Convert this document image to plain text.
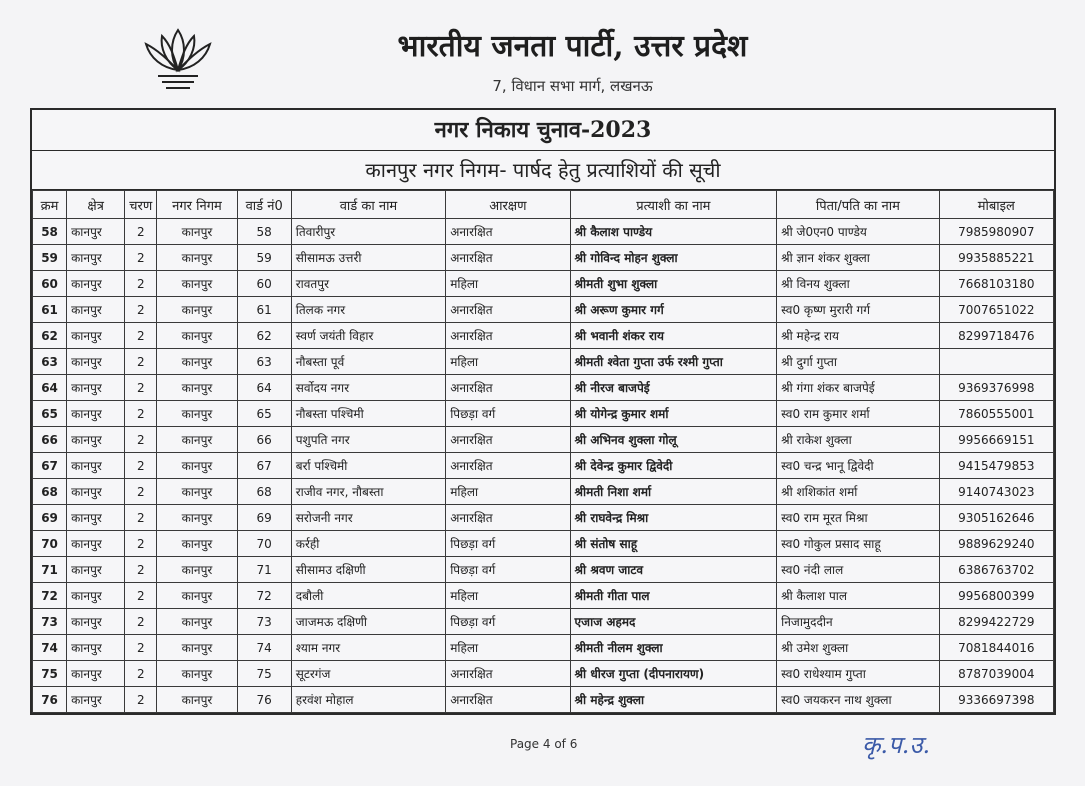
भारतीय जनता पार्टी, उत्तर प्रदेश
7, विधान सभा मार्ग, लखनऊ
नगर निकाय चुनाव-2023
कानपुर नगर निगम- पार्षद हेतु प्रत्याशियों की सूची
क्रम	क्षेत्र	चरण	नगर निगम	वार्ड नं0	वार्ड का नाम	आरक्षण	प्रत्याशी का नाम	पिता/पति का नाम	मोबाइल
58	कानपुर	2	कानपुर	58	तिवारीपुर	अनारक्षित	श्री कैलाश पाण्डेय	श्री जे0एन0 पाण्डेय	7985980907
59	कानपुर	2	कानपुर	59	सीसामऊ उत्तरी	अनारक्षित	श्री गोविन्द मोहन शुक्ला	श्री ज्ञान शंकर शुक्ला	9935885221
60	कानपुर	2	कानपुर	60	रावतपुर	महिला	श्रीमती शुभा शुक्ला	श्री विनय शुक्ला	7668103180
61	कानपुर	2	कानपुर	61	तिलक नगर	अनारक्षित	श्री अरूण कुमार गर्ग	स्व0 कृष्ण मुरारी गर्ग	7007651022
62	कानपुर	2	कानपुर	62	स्वर्ण जयंती विहार	अनारक्षित	श्री भवानी शंकर राय	श्री महेन्द्र राय	8299718476
63	कानपुर	2	कानपुर	63	नौबस्ता पूर्व	महिला	श्रीमती श्वेता गुप्ता उर्फ रश्मी गुप्ता	श्री दुर्गा गुप्ता	
64	कानपुर	2	कानपुर	64	सर्वोदय नगर	अनारक्षित	श्री नीरज बाजपेई	श्री गंगा शंकर बाजपेई	9369376998
65	कानपुर	2	कानपुर	65	नौबस्ता पश्चिमी	पिछड़ा वर्ग	श्री योगेन्द्र कुमार शर्मा	स्व0 राम कुमार शर्मा	7860555001
66	कानपुर	2	कानपुर	66	पशुपति नगर	अनारक्षित	श्री अभिनव शुक्ला गोलू	श्री राकेश शुक्ला	9956669151
67	कानपुर	2	कानपुर	67	बर्रा पश्चिमी	अनारक्षित	श्री देवेन्द्र कुमार द्विवेदी	स्व0 चन्द्र भानू द्विवेदी	9415479853
68	कानपुर	2	कानपुर	68	राजीव नगर, नौबस्ता	महिला	श्रीमती निशा शर्मा	श्री शशिकांत शर्मा	9140743023
69	कानपुर	2	कानपुर	69	सरोजनी नगर	अनारक्षित	श्री राघवेन्द्र मिश्रा	स्व0 राम मूरत मिश्रा	9305162646
70	कानपुर	2	कानपुर	70	कर्रही	पिछड़ा वर्ग	श्री संतोष साहू	स्व0 गोकुल प्रसाद साहू	9889629240
71	कानपुर	2	कानपुर	71	सीसामउ दक्षिणी	पिछड़ा वर्ग	श्री श्रवण जाटव	स्व0 नंदी लाल	6386763702
72	कानपुर	2	कानपुर	72	दबौली	महिला	श्रीमती गीता पाल	श्री कैलाश पाल	9956800399
73	कानपुर	2	कानपुर	73	जाजमऊ दक्षिणी	पिछड़ा वर्ग	एजाज अहमद	निजामुददीन	8299422729
74	कानपुर	2	कानपुर	74	श्याम नगर	महिला	श्रीमती नीलम शुक्ला	श्री उमेश शुक्ला	7081844016
75	कानपुर	2	कानपुर	75	सूटरगंज	अनारक्षित	श्री धीरज गुप्ता (दीपनारायण)	स्व0 राधेश्याम गुप्ता	8787039004
76	कानपुर	2	कानपुर	76	हरवंश मोहाल	अनारक्षित	श्री महेन्द्र शुक्ला	स्व0 जयकरन नाथ शुक्ला	9336697398
Page 4 of 6	कृ.प.उ.
